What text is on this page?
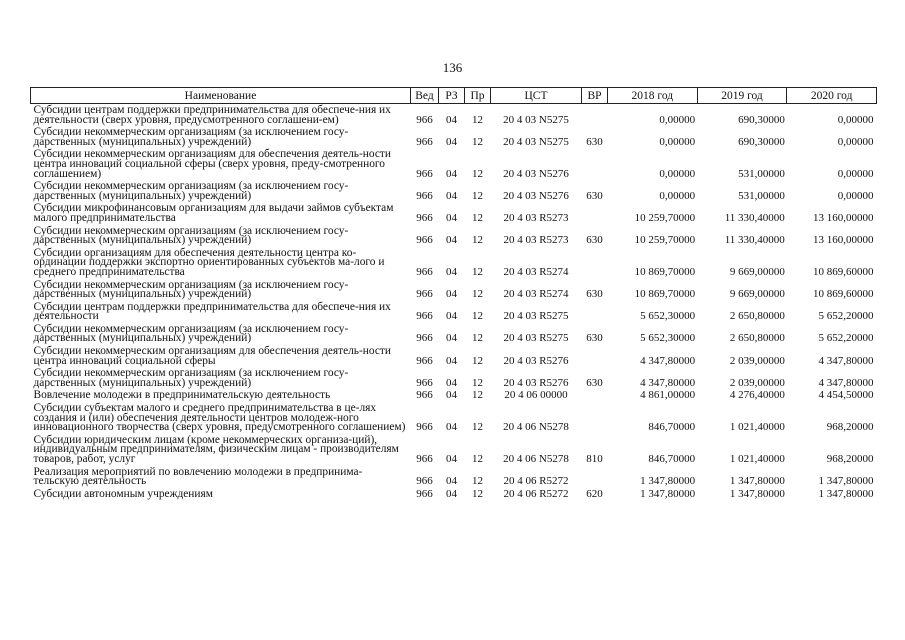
136
Наименование	Вед	РЗ	Пр	ЦСТ	ВР	2018 год	2019 год	2020 год
Субсидии центрам поддержки предпринимательства для обеспече-ния их деятельности (сверх уровня, предусмотренного соглашени-ем)	966	04	12	20 4 03 N5275		0,00000	690,30000	0,00000
Субсидии некоммерческим организациям (за исключением госу-дарственных (муниципальных) учреждений)	966	04	12	20 4 03 N5275	630	0,00000	690,30000	0,00000
Субсидии некоммерческим организациям для обеспечения деятель-ности центра инноваций социальной сферы (сверх уровня, преду-смотренного соглашением)	966	04	12	20 4 03 N5276		0,00000	531,00000	0,00000
Субсидии некоммерческим организациям (за исключением госу-дарственных (муниципальных) учреждений)	966	04	12	20 4 03 N5276	630	0,00000	531,00000	0,00000
Субсидии микрофинансовым организациям для выдачи займов субъектам малого предпринимательства	966	04	12	20 4 03 R5273		10 259,70000	11 330,40000	13 160,00000
Субсидии некоммерческим организациям (за исключением госу-дарственных (муниципальных) учреждений)	966	04	12	20 4 03 R5273	630	10 259,70000	11 330,40000	13 160,00000
Субсидии организациям для обеспечения деятельности центра ко-ординации поддержки экспортно ориентированных субъектов ма-лого и среднего предпринимательства	966	04	12	20 4 03 R5274		10 869,70000	9 669,00000	10 869,60000
Субсидии некоммерческим организациям (за исключением госу-дарственных (муниципальных) учреждений)	966	04	12	20 4 03 R5274	630	10 869,70000	9 669,00000	10 869,60000
Субсидии центрам поддержки предпринимательства для обеспече-ния их деятельности	966	04	12	20 4 03 R5275		5 652,30000	2 650,80000	5 652,20000
Субсидии некоммерческим организациям (за исключением госу-дарственных (муниципальных) учреждений)	966	04	12	20 4 03 R5275	630	5 652,30000	2 650,80000	5 652,20000
Субсидии некоммерческим организациям для обеспечения деятель-ности центра инноваций социальной сферы	966	04	12	20 4 03 R5276		4 347,80000	2 039,00000	4 347,80000
Субсидии некоммерческим организациям (за исключением госу-дарственных (муниципальных) учреждений)	966	04	12	20 4 03 R5276	630	4 347,80000	2 039,00000	4 347,80000
Вовлечение молодежи в предпринимательскую деятельность	966	04	12	20 4 06 00000		4 861,00000	4 276,40000	4 454,50000
Субсидии субъектам малого и среднего предпринимательства в це-лях создания и (или) обеспечения деятельности центров молодеж-ного инновационного творчества (сверх уровня, предусмотренного соглашением)	966	04	12	20 4 06 N5278		846,70000	1 021,40000	968,20000
Субсидии юридическим лицам (кроме некоммерческих организа-ций), индивидуальным предпринимателям, физическим лицам - производителям товаров, работ, услуг	966	04	12	20 4 06 N5278	810	846,70000	1 021,40000	968,20000
Реализация мероприятий по вовлечению молодежи в предпринима-тельскую деятельность	966	04	12	20 4 06 R5272		1 347,80000	1 347,80000	1 347,80000
Субсидии автономным учреждениям	966	04	12	20 4 06 R5272	620	1 347,80000	1 347,80000	1 347,80000
